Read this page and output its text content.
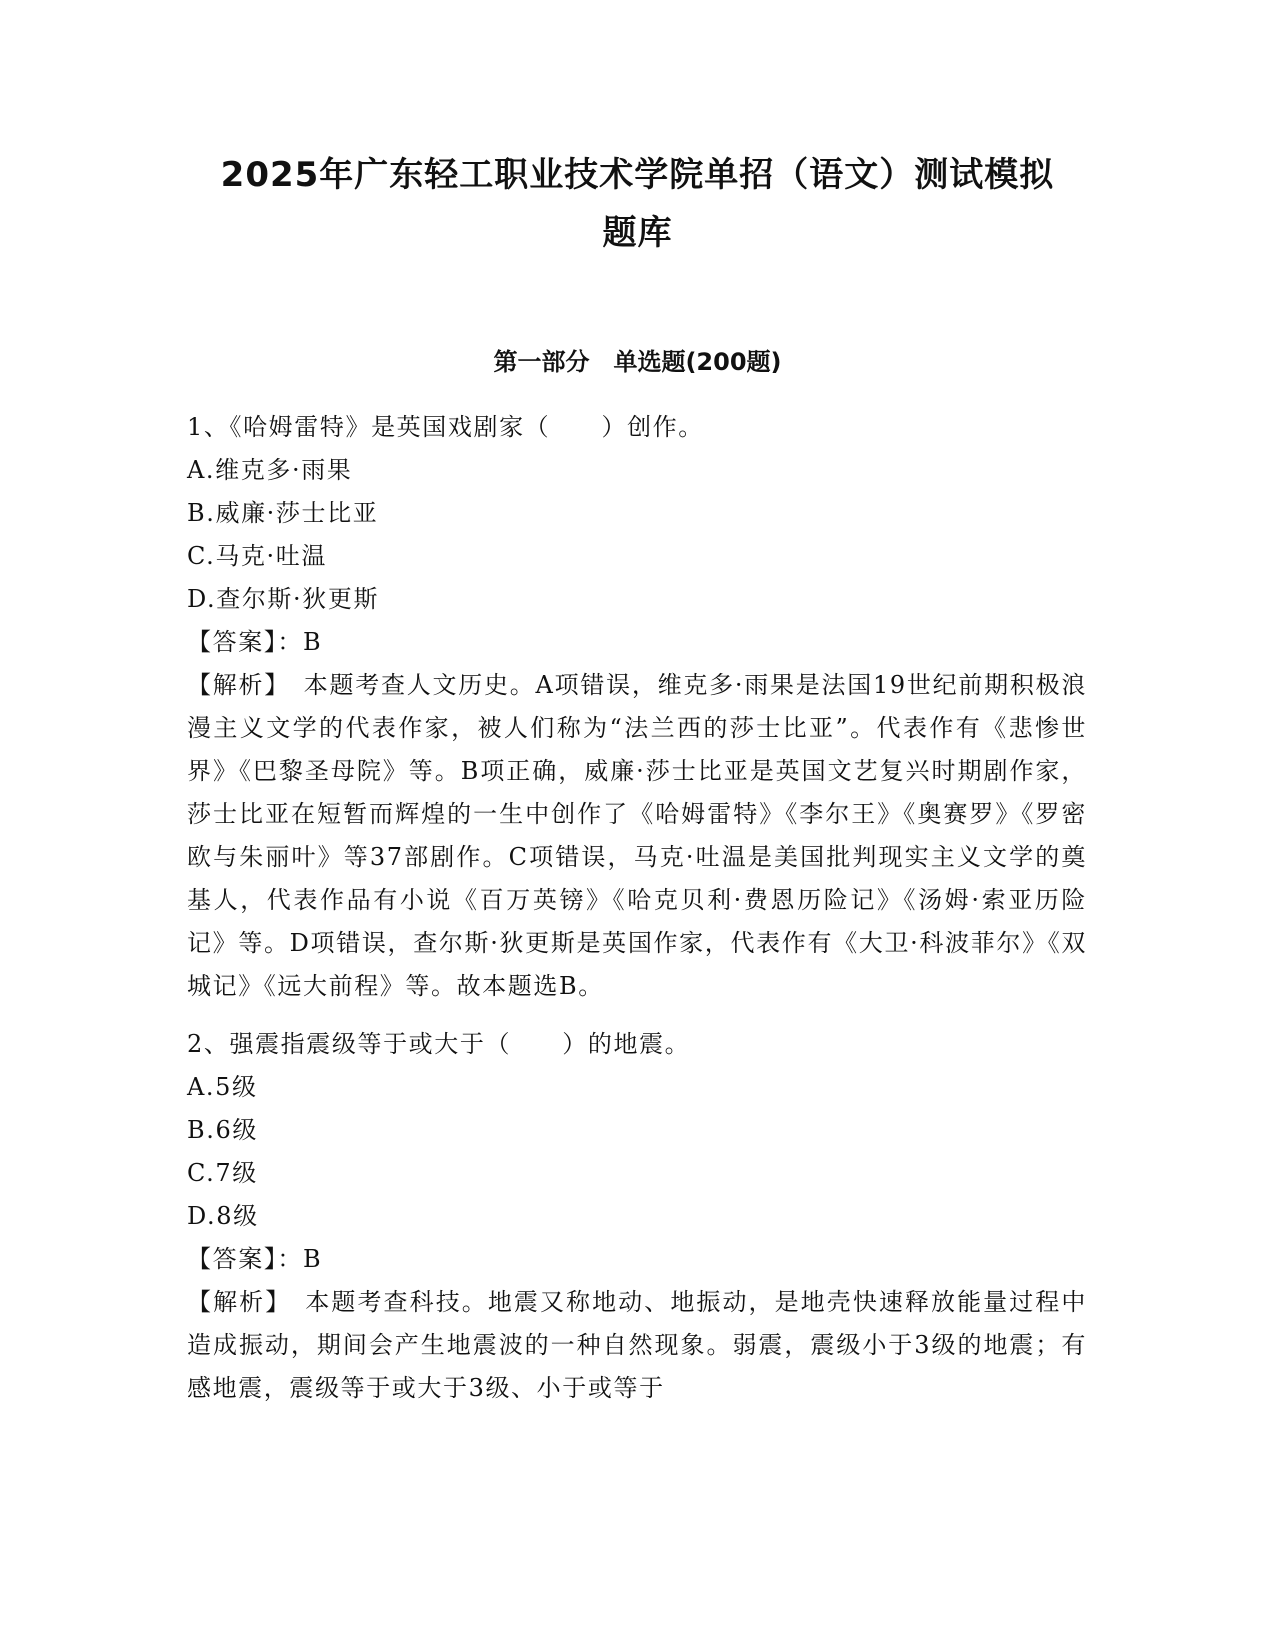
2025年广东轻工职业技术学院单招（语文）测试模拟
题库
第一部分　单选题(200题)

1、《哈姆雷特》是英国戏剧家（　　）创作。

A.维克多·雨果

B.威廉·莎士比亚

C.马克·吐温

D.查尔斯·狄更斯

【答案】：B

【解析】　本题考查人文历史。A项错误，维克多·雨果是法国19世纪前期积极浪漫主义文学的代表作家，被人们称为“法兰西的莎士比亚”。代表作有《悲惨世界》《巴黎圣母院》等。B项正确，威廉·莎士比亚是英国文艺复兴时期剧作家，莎士比亚在短暂而辉煌的一生中创作了《哈姆雷特》《李尔王》《奥赛罗》《罗密欧与朱丽叶》等37部剧作。C项错误，马克·吐温是美国批判现实主义文学的奠基人，代表作品有小说《百万英镑》《哈克贝利·费恩历险记》《汤姆·索亚历险记》等。D项错误，查尔斯·狄更斯是英国作家，代表作有《大卫·科波菲尔》《双城记》《远大前程》等。故本题选B。

2、强震指震级等于或大于（　　）的地震。

A.5级

B.6级

C.7级

D.8级

【答案】：B

【解析】　本题考查科技。地震又称地动、地振动，是地壳快速释放能量过程中造成振动，期间会产生地震波的一种自然现象。弱震，震级小于3级的地震；有感地震，震级等于或大于3级、小于或等于
